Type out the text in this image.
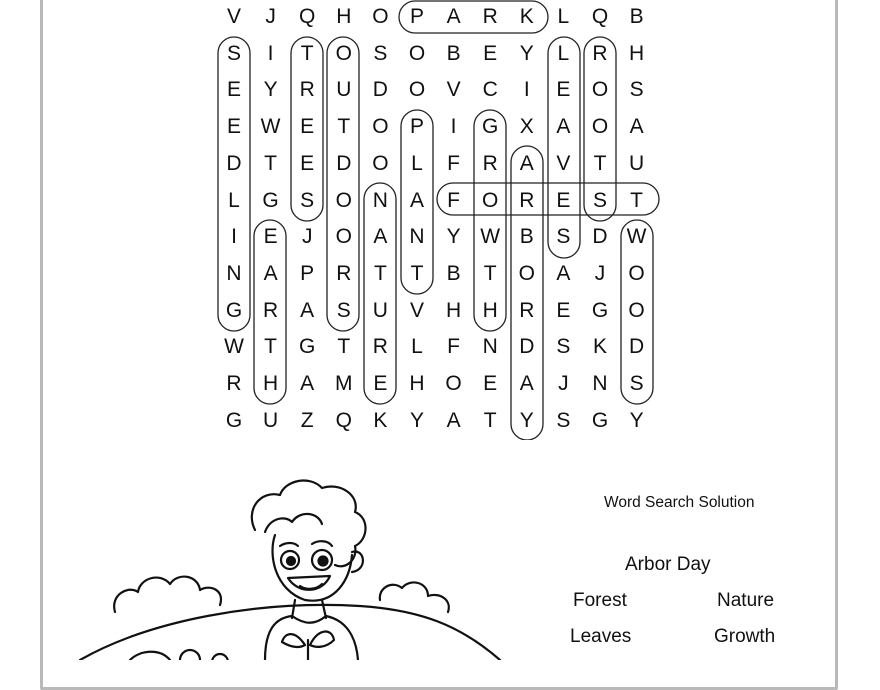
V	J	Q H O	P	A	R	K	L	Q	B
S	I	T	O	S	O	B	E	Y	L	R	H
E	Y	R	U	D O	V	C	I	E	O	S
E W E	T	O	P	I	G	X	A	O	A
D	T	E	D O	L	F	R	A	V	T	U
L	G	S	O N	A	F	O R	E	S	T
I	E	J	O	A	N	Y W B	S	D W
N	A	P	R	T	T	B	T	O	A	J	O
G R	A	S	U	V	H	H	R	E	G O
W T	G	T	R	L	F	N	D	S	K	D
R	H	A M E	H O	E	A	J	N	S
G U	Z	Q	K	Y	A	T	Y	S	G	Y
Word Search Solution
Arbor Day
Forest	Nature
Leaves	Growth
